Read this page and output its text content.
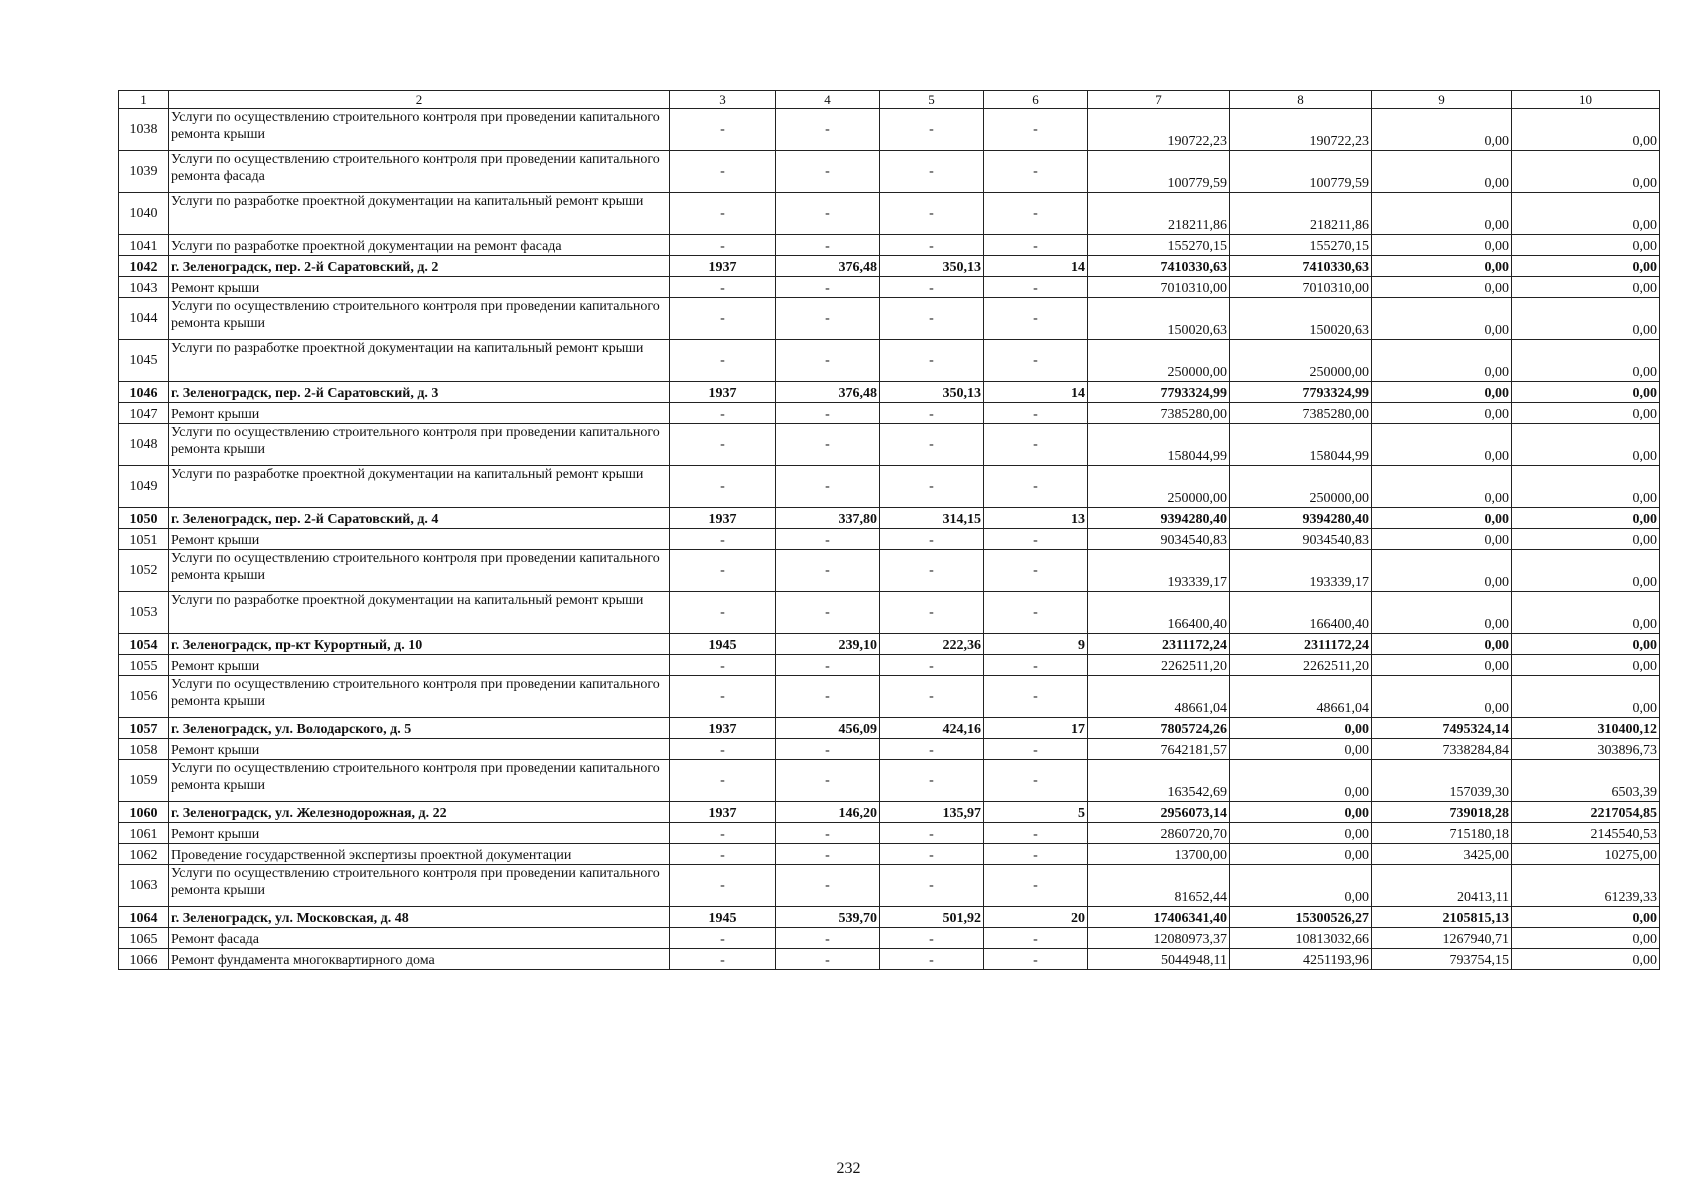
1	2	3	4	5	6	7	8	9	10
1038	Услуги по осуществлению строительного контроля при проведении капитального ремонта крыши	-	-	-	-	190722,23	190722,23	0,00	0,00
1039	Услуги по осуществлению строительного контроля при проведении капитального ремонта фасада	-	-	-	-	100779,59	100779,59	0,00	0,00
1040	Услуги по разработке проектной документации на капитальный ремонт крыши	-	-	-	-	218211,86	218211,86	0,00	0,00
1041	Услуги по разработке проектной документации на ремонт фасада	-	-	-	-	155270,15	155270,15	0,00	0,00
1042	г. Зеленоградск, пер. 2-й Саратовский, д. 2	1937	376,48	350,13	14	7410330,63	7410330,63	0,00	0,00
1043	Ремонт крыши	-	-	-	-	7010310,00	7010310,00	0,00	0,00
1044	Услуги по осуществлению строительного контроля при проведении капитального ремонта крыши	-	-	-	-	150020,63	150020,63	0,00	0,00
1045	Услуги по разработке проектной документации на капитальный ремонт крыши	-	-	-	-	250000,00	250000,00	0,00	0,00
1046	г. Зеленоградск, пер. 2-й Саратовский, д. 3	1937	376,48	350,13	14	7793324,99	7793324,99	0,00	0,00
1047	Ремонт крыши	-	-	-	-	7385280,00	7385280,00	0,00	0,00
1048	Услуги по осуществлению строительного контроля при проведении капитального ремонта крыши	-	-	-	-	158044,99	158044,99	0,00	0,00
1049	Услуги по разработке проектной документации на капитальный ремонт крыши	-	-	-	-	250000,00	250000,00	0,00	0,00
1050	г. Зеленоградск, пер. 2-й Саратовский, д. 4	1937	337,80	314,15	13	9394280,40	9394280,40	0,00	0,00
1051	Ремонт крыши	-	-	-	-	9034540,83	9034540,83	0,00	0,00
1052	Услуги по осуществлению строительного контроля при проведении капитального ремонта крыши	-	-	-	-	193339,17	193339,17	0,00	0,00
1053	Услуги по разработке проектной документации на капитальный ремонт крыши	-	-	-	-	166400,40	166400,40	0,00	0,00
1054	г. Зеленоградск, пр-кт Курортный, д. 10	1945	239,10	222,36	9	2311172,24	2311172,24	0,00	0,00
1055	Ремонт крыши	-	-	-	-	2262511,20	2262511,20	0,00	0,00
1056	Услуги по осуществлению строительного контроля при проведении капитального ремонта крыши	-	-	-	-	48661,04	48661,04	0,00	0,00
1057	г. Зеленоградск, ул. Володарского, д. 5	1937	456,09	424,16	17	7805724,26	0,00	7495324,14	310400,12
1058	Ремонт крыши	-	-	-	-	7642181,57	0,00	7338284,84	303896,73
1059	Услуги по осуществлению строительного контроля при проведении капитального ремонта крыши	-	-	-	-	163542,69	0,00	157039,30	6503,39
1060	г. Зеленоградск, ул. Железнодорожная, д. 22	1937	146,20	135,97	5	2956073,14	0,00	739018,28	2217054,85
1061	Ремонт крыши	-	-	-	-	2860720,70	0,00	715180,18	2145540,53
1062	Проведение государственной экспертизы проектной документации	-	-	-	-	13700,00	0,00	3425,00	10275,00
1063	Услуги по осуществлению строительного контроля при проведении капитального ремонта крыши	-	-	-	-	81652,44	0,00	20413,11	61239,33
1064	г. Зеленоградск, ул. Московская, д. 48	1945	539,70	501,92	20	17406341,40	15300526,27	2105815,13	0,00
1065	Ремонт фасада	-	-	-	-	12080973,37	10813032,66	1267940,71	0,00
1066	Ремонт фундамента многоквартирного дома	-	-	-	-	5044948,11	4251193,96	793754,15	0,00
232
